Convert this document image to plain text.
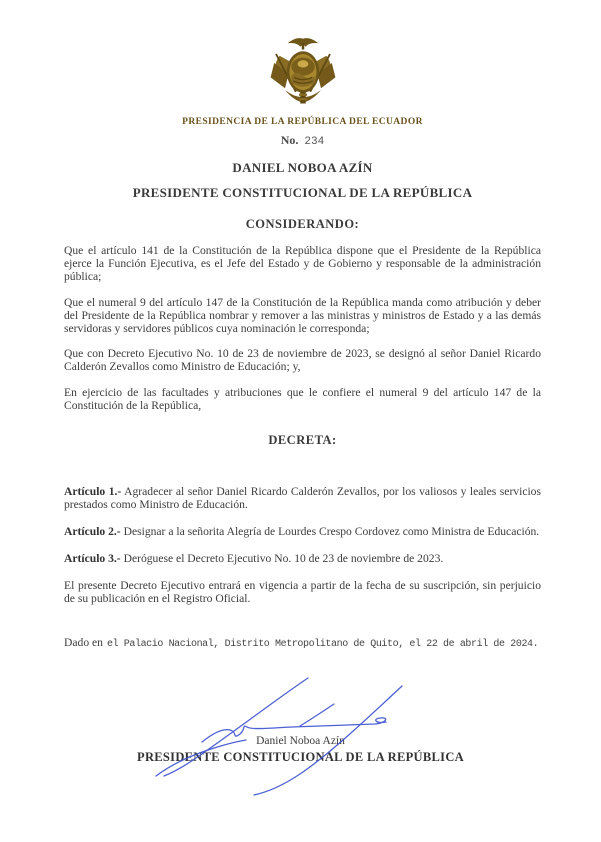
PRESIDENCIA DE LA REPÚBLICA DEL ECUADOR
No. 234
DANIEL NOBOA AZÍN
PRESIDENTE CONSTITUCIONAL DE LA REPÚBLICA
CONSIDERANDO:

Que el artículo 141 de la Constitución de la República dispone que el Presidente de la República ejerce la Función Ejecutiva, es el Jefe del Estado y de Gobierno y responsable de la administración pública;

Que el numeral 9 del artículo 147 de la Constitución de la República manda como atribución y deber del Presidente de la República nombrar y remover a las ministras y ministros de Estado y a las demás servidoras y servidores públicos cuya nominación le corresponda;

Que con Decreto Ejecutivo No. 10 de 23 de noviembre de 2023, se designó al señor Daniel Ricardo Calderón Zevallos como Ministro de Educación; y,

En ejercicio de las facultades y atribuciones que le confiere el numeral 9 del artículo 147 de la Constitución de la República,

DECRETA:

Artículo 1.- Agradecer al señor Daniel Ricardo Calderón Zevallos, por los valiosos y leales servicios prestados como Ministro de Educación.

Artículo 2.- Designar a la señorita Alegría de Lourdes Crespo Cordovez como Ministra de Educación.

Artículo 3.- Deróguese el Decreto Ejecutivo No. 10 de 23 de noviembre de 2023.

El presente Decreto Ejecutivo entrará en vigencia a partir de la fecha de su suscripción, sin perjuicio de su publicación en el Registro Oficial.

Dado en el Palacio Nacional, Distrito Metropolitano de Quito, el 22 de abril de 2024.
Daniel Noboa Azín
PRESIDENTE CONSTITUCIONAL DE LA REPÚBLICA
